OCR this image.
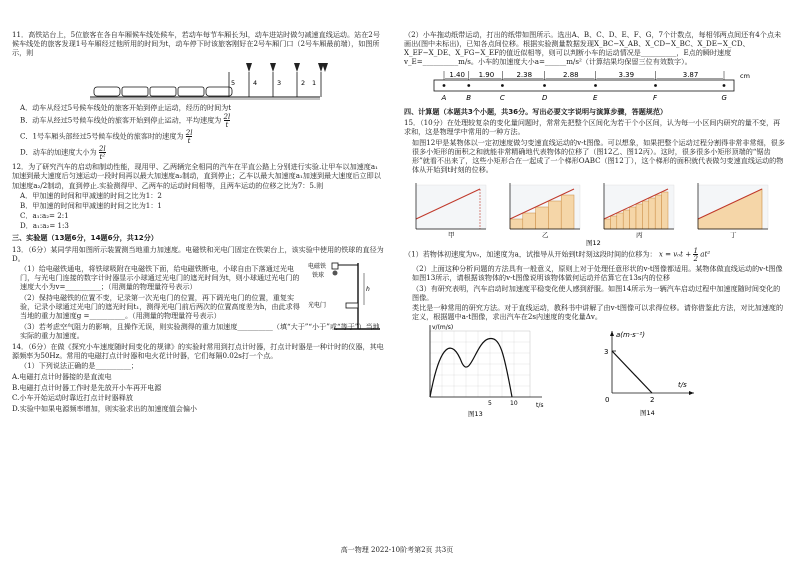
11．高铁站台上，5位旅客在各自车厢候车线处候车，若动车每节车厢长为l，动车进站时做匀减速直线运动。站在2号候车线处的旅客发现1号车厢经过他所用的时间为t，动车停下时该旅客刚好在2号车厢门口（2号车厢最前端），如图所示，则

5	4	3	2 1

A．动车从经过5号候车线处的旅客开始到停止运动，经历的时间为t

B．动车从经过5号候车线处的旅客开始到停止运动，平均速度为 $\frac{2l}{t}$

C．1号车厢头部经过5号候车线处的旅客时的速度为 $\frac{2l}{t}$

D．动车的加速度大小为 $\frac{2l}{\text{t²}}$

12．为了研究汽车的启动和制动性能，现用甲、乙两辆完全相同的汽车在平直公路上分别进行实验.让甲车以加速度a₁加速到最大速度后匀速运动一段时间再以最大加速度a₂制动，直到停止；乙车以最大加速度a₁加速到最大速度后立即以加速度a₂/2制动，直到停止.实验测得甲、乙两车的运动时间相等，且两车运动的位移之比为7：5.则

A．甲加速的时间和甲减速的时间之比为1：2

B．甲加速的时间和甲减速的时间之比为1：1

C．a₁:a₂= 2:1

D．a₁:a₂= 1:3

三、实验题（13题6分，14题6分，共12分）

13．（6分）某同学用如图所示装置测当地重力加速度。电磁铁和光电门固定在铁架台上，该实验中使用的铁球的直径为D。

（1）给电磁铁通电，将铁球吸附在电磁铁下面，给电磁铁断电，小球自由下落通过光电门，与光电门连接的数字计时器显示小球通过光电门的遮光时间为t，则小球通过光电门的速度大小为v=__________；（用测量的物理量符号表示）

（2）保持电磁铁的位置不变，记录第一次光电门的位置，再下调光电门的位置，重复实验，记录小球通过光电门的遮光时间t₁，测得光电门前后两次的位置高度差为h，由此求得当地的重力加速度g =__________。（用测量的物理量符号表示）

电磁铁
铁球
光电门
h

（3）若考虑空气阻力的影响，且操作无误，则实验测得的重力加速度__________（填“大于”“小于”或“等于”）当地实际的重力加速度。

14．（6分）在做《探究小车速度随时间变化的规律》的实验时常用到打点计时器，打点计时器是一种计时的仪器，其电源频率为50Hz。常用的电磁打点计时器和电火花计时器，它们每隔0.02s打一个点。

（1）下列说法正确的是__________；

A.电磁打点计时器接的是直流电

B.电磁打点计时器工作时是先放开小车再开电源

C.小车开始运动时靠近打点计时器释放

D.实验中如果电源频率增加，则实验求出的加速度值会偏小

（2）小车拖动纸带运动，打出的纸带如图所示。选出A、B、C、D、E、F、G，7个计数点，每相邻两点间还有4个点未画出(图中未标出)，已知各点间位移。根据实验测量数据发现X_BC−X_AB、X_CD−X_BC、X_DE−X_CD、X_EF−X_DE、X_FG−X_EF的值近似相等，则可以判断小车的运动情况是__________，E点的瞬时速度v_E=__________m/s。小车的加速度大小a=______m/s²（计算结果均保留三位有效数字）。

1.40 1.90	2.38	2.88	3.39	3.87
A	B	C	D	E	F	G
cm

四、计算题（本题共3个小题，共36分。写出必要文字说明与演算步骤，答题规范）

15．（10分）在处理较复杂的变化量问题时，常常先把整个区间化为若干个小区间，认为每一小区间内研究的量不变，再求和，这是物理学中常用的一种方法。

如图12甲是某物体以一定初速度做匀变速直线运动的v-t图像。可以想象，如果把整个运动过程分割得非常非常细，很多很多小矩形的面积之和就能非常精确地代表物体的位移了（图12乙、图12丙）。这时，很多很多小矩形顶端的“锯齿形”就看不出来了，这些小矩形合在一起成了一个梯形OABC（图12丁），这个梯形的面积就代表做匀变速直线运动的物体从开始到t时刻的位移。

甲	乙	丙	丁
图12

（1）若物体初速度为v₀，加速度为a，试推导从开始到t时刻这段时间的位移为： $x = v_0t + \frac{1}{2} at^2$

（2）上面这种分析问题的方法具有一般意义，原则上对于处理任意形状的v-t图像都适用。某物体做直线运动的v-t图像如图13所示，请根据该物体的v-t图像说明该物体做何运动并估算它在13s内的位移

（3）有研究表明，汽车启动时加速度平稳变化使人感到舒服。如图14所示为一辆汽车启动过程中加速度随时间变化的图像。

类比是一种常用的研究方法。对于直线运动，教科书中讲解了由v-t图像可以求得位移。请你借鉴此方法，对比加速度的定义，根据题中a-t图像，求出汽车在2s内速度的变化量Δv。

v/(m/s)
t/s
5	10
图13
a(m·s⁻²)
3
2
0
t/s
图14
高一物理 2022-10阶考第2页 共3页
